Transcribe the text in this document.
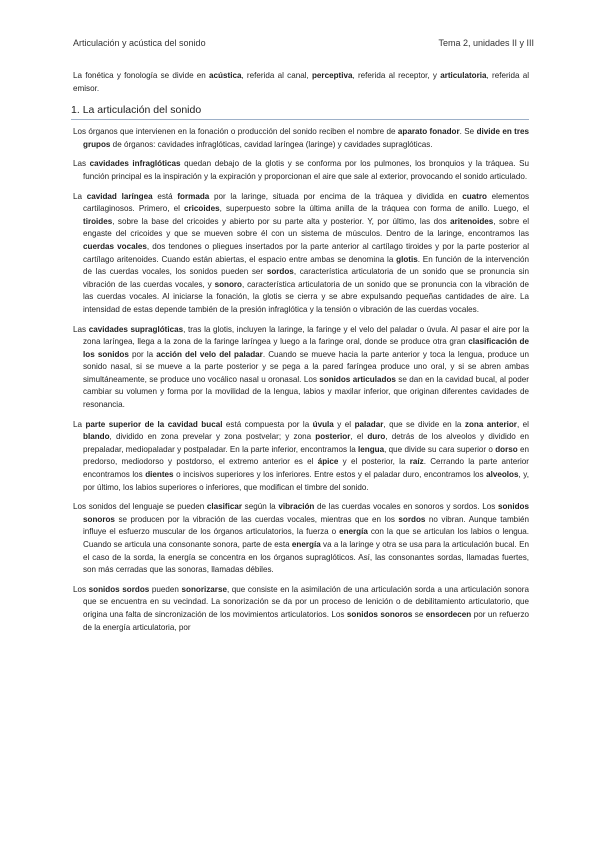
Articulación y acústica del sonido	Tema 2, unidades II y III

La fonética y fonología se divide en acústica, referida al canal, perceptiva, referida al receptor, y articulatoria, referida al emisor.

1. La articulación del sonido

Los órganos que intervienen en la fonación o producción del sonido reciben el nombre de aparato fonador. Se divide en tres grupos de órganos: cavidades infraglóticas, cavidad laríngea (laringe) y cavidades supraglóticas.

Las cavidades infraglóticas quedan debajo de la glotis y se conforma por los pulmones, los bronquios y la tráquea. Su función principal es la inspiración y la expiración y proporcionan el aire que sale al exterior, provocando el sonido articulado.

La cavidad laríngea está formada por la laringe, situada por encima de la tráquea y dividida en cuatro elementos cartilaginosos. Primero, el cricoides, superpuesto sobre la última anilla de la tráquea con forma de anillo. Luego, el tiroides, sobre la base del cricoides y abierto por su parte alta y posterior. Y, por último, las dos aritenoides, sobre el engaste del cricoides y que se mueven sobre él con un sistema de músculos. Dentro de la laringe, encontramos las cuerdas vocales, dos tendones o pliegues insertados por la parte anterior al cartílago tiroides y por la parte posterior al cartílago aritenoides. Cuando están abiertas, el espacio entre ambas se denomina la glotis. En función de la intervención de las cuerdas vocales, los sonidos pueden ser sordos, característica articulatoria de un sonido que se pronuncia sin vibración de las cuerdas vocales, y sonoro, característica articulatoria de un sonido que se pronuncia con la vibración de las cuerdas vocales. Al iniciarse la fonación, la glotis se cierra y se abre expulsando pequeñas cantidades de aire. La intensidad de estas depende también de la presión infraglótica y la tensión o vibración de las cuerdas vocales.

Las cavidades supraglóticas, tras la glotis, incluyen la laringe, la faringe y el velo del paladar o úvula. Al pasar el aire por la zona laríngea, llega a la zona de la faringe laríngea y luego a la faringe oral, donde se produce otra gran clasificación de los sonidos por la acción del velo del paladar. Cuando se mueve hacia la parte anterior y toca la lengua, produce un sonido nasal, si se mueve a la parte posterior y se pega a la pared faríngea produce uno oral, y si se abren ambas simultáneamente, se produce uno vocálico nasal u oronasal. Los sonidos articulados se dan en la cavidad bucal, al poder cambiar su volumen y forma por la movilidad de la lengua, labios y maxilar inferior, que originan diferentes cavidades de resonancia.

La parte superior de la cavidad bucal está compuesta por la úvula y el paladar, que se divide en la zona anterior, el blando, dividido en zona prevelar y zona postvelar; y zona posterior, el duro, detrás de los alveolos y dividido en prepaladar, mediopaladar y postpaladar. En la parte inferior, encontramos la lengua, que divide su cara superior o dorso en predorso, mediodorso y postdorso, el extremo anterior es el ápice y el posterior, la raíz. Cerrando la parte anterior encontramos los dientes o incisivos superiores y los inferiores. Entre estos y el paladar duro, encontramos los alveolos, y, por último, los labios superiores o inferiores, que modifican el timbre del sonido.

Los sonidos del lenguaje se pueden clasificar según la vibración de las cuerdas vocales en sonoros y sordos. Los sonidos sonoros se producen por la vibración de las cuerdas vocales, mientras que en los sordos no vibran. Aunque también influye el esfuerzo muscular de los órganos articulatorios, la fuerza o energía con la que se articulan los labios o lengua. Cuando se articula una consonante sonora, parte de esta energía va a la laringe y otra se usa para la articulación bucal. En el caso de la sorda, la energía se concentra en los órganos supraglóticos. Así, las consonantes sordas, llamadas fuertes, son más cerradas que las sonoras, llamadas débiles.

Los sonidos sordos pueden sonorizarse, que consiste en la asimilación de una articulación sorda a una articulación sonora que se encuentra en su vecindad. La sonorización se da por un proceso de lenición o de debilitamiento articulatorio, que origina una falta de sincronización de los movimientos articulatorios. Los sonidos sonoros se ensordecen por un refuerzo de la energía articulatoria, por
